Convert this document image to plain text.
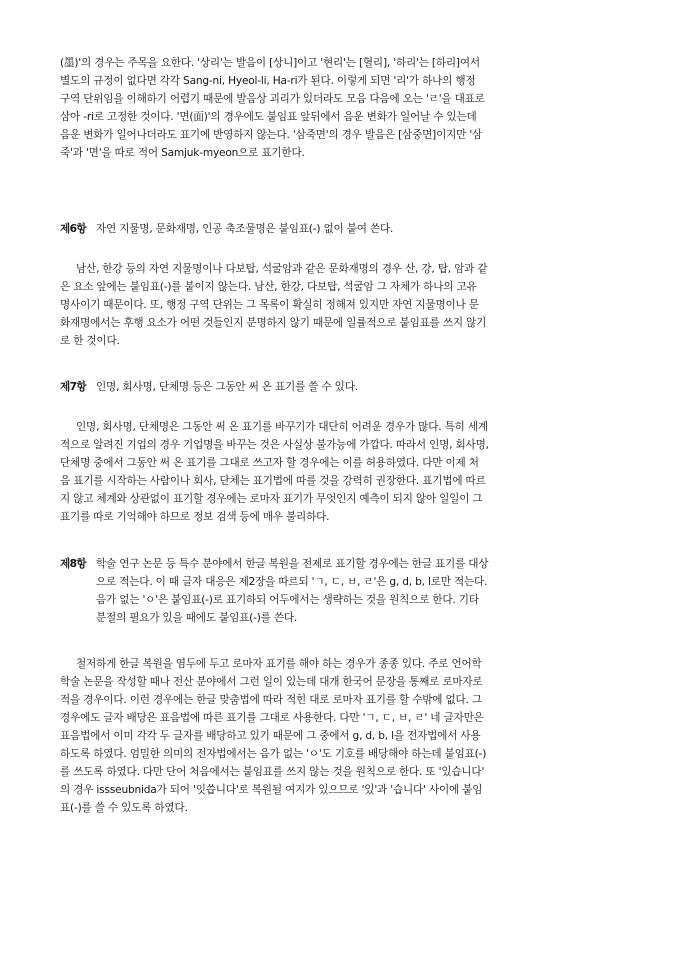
(墨)'의 경우는 주목을 요한다. '상리'는 발음이 [상니]이고 '현리'는 [혈리], '하리'는 [하리]여서
별도의 규정이 없다면 각각 Sang-ni, Hyeol-li, Ha-ri가 된다. 이렇게 되면 '리'가 하나의 행정
구역 단위임을 이해하기 어렵기 때문에 발음상 괴리가 있더라도 모음 다음에 오는 'ㄹ'을 대표로
삼아 -ri로 고정한 것이다. '면(面)'의 경우에도 붙임표 앞뒤에서 음운 변화가 일어날 수 있는데
음운 변화가 일어나더라도 표기에 반영하지 않는다. '삼죽면'의 경우 발음은 [삼중면]이지만 '삼
죽'과 '면'을 따로 적어 Samjuk-myeon으로 표기한다.
제6항 자연 지물명, 문화재명, 인공 축조물명은 붙임표(-) 없이 붙여 쓴다.
남산, 한강 등의 자연 지물명이나 다보탑, 석굴암과 같은 문화재명의 경우 산, 강, 탑, 암과 같
은 요소 앞에는 붙임표(-)를 붙이지 않는다. 남산, 한강, 다보탑, 석굴암 그 자체가 하나의 고유
명사이기 때문이다. 또, 행정 구역 단위는 그 목록이 확실히 정해져 있지만 자연 지물명이나 문
화재명에서는 후행 요소가 어떤 것들인지 분명하지 않기 때문에 일률적으로 붙임표를 쓰지 않기
로 한 것이다.
제7항 인명, 회사명, 단체명 등은 그동안 써 온 표기를 쓸 수 있다.
인명, 회사명, 단체명은 그동안 써 온 표기를 바꾸기가 대단히 어려운 경우가 많다. 특히 세계
적으로 알려진 기업의 경우 기업명을 바꾸는 것은 사실상 불가능에 가깝다. 따라서 인명, 회사명,
단체명 중에서 그동안 써 온 표기를 그대로 쓰고자 할 경우에는 이를 허용하였다. 다만 이제 처
음 표기를 시작하는 사람이나 회사, 단체는 표기법에 따를 것을 강력히 권장한다. 표기법에 따르
지 않고 체계와 상관없이 표기할 경우에는 로마자 표기가 무엇인지 예측이 되지 않아 일일이 그
표기를 따로 기억해야 하므로 정보 검색 등에 매우 불리하다.
제8항 학술 연구 논문 등 특수 분야에서 한글 복원을 전제로 표기할 경우에는 한글 표기를 대상
으로 적는다. 이 때 글자 대응은 제2장을 따르되 'ㄱ, ㄷ, ㅂ, ㄹ'은 g, d, b, l로만 적는다.
음가 없는 'ㅇ'은 붙임표(-)로 표기하되 어두에서는 생략하는 것을 원칙으로 한다. 기타
분절의 필요가 있을 때에도 붙임표(-)를 쓴다.
철저하게 한글 복원을 염두에 두고 로마자 표기를 해야 하는 경우가 종종 있다. 주로 언어학
학술 논문을 작성할 때나 전산 분야에서 그런 일이 있는데 대개 한국어 문장을 통째로 로마자로
적을 경우이다. 이런 경우에는 한글 맞춤법에 따라 적힌 대로 로마자 표기를 할 수밖에 없다. 그
경우에도 글자 배당은 표음법에 따른 표기를 그대로 사용한다. 다만 'ㄱ, ㄷ, ㅂ, ㄹ' 네 글자만은
표음법에서 이미 각각 두 글자를 배당하고 있기 때문에 그 중에서 g, d, b, l을 전자법에서 사용
하도록 하였다. 엄밀한 의미의 전자법에서는 음가 없는 'ㅇ'도 기호를 배당해야 하는데 붙임표(-)
를 쓰도록 하였다. 다만 단어 처음에서는 붙임표를 쓰지 않는 것을 원칙으로 한다. 또 '있습니다'
의 경우 issseubnida가 되어 '잇씁니다'로 복원될 여지가 있으므로 '있'과 '습니다' 사이에 붙임
표(-)를 쓸 수 있도록 하였다.
